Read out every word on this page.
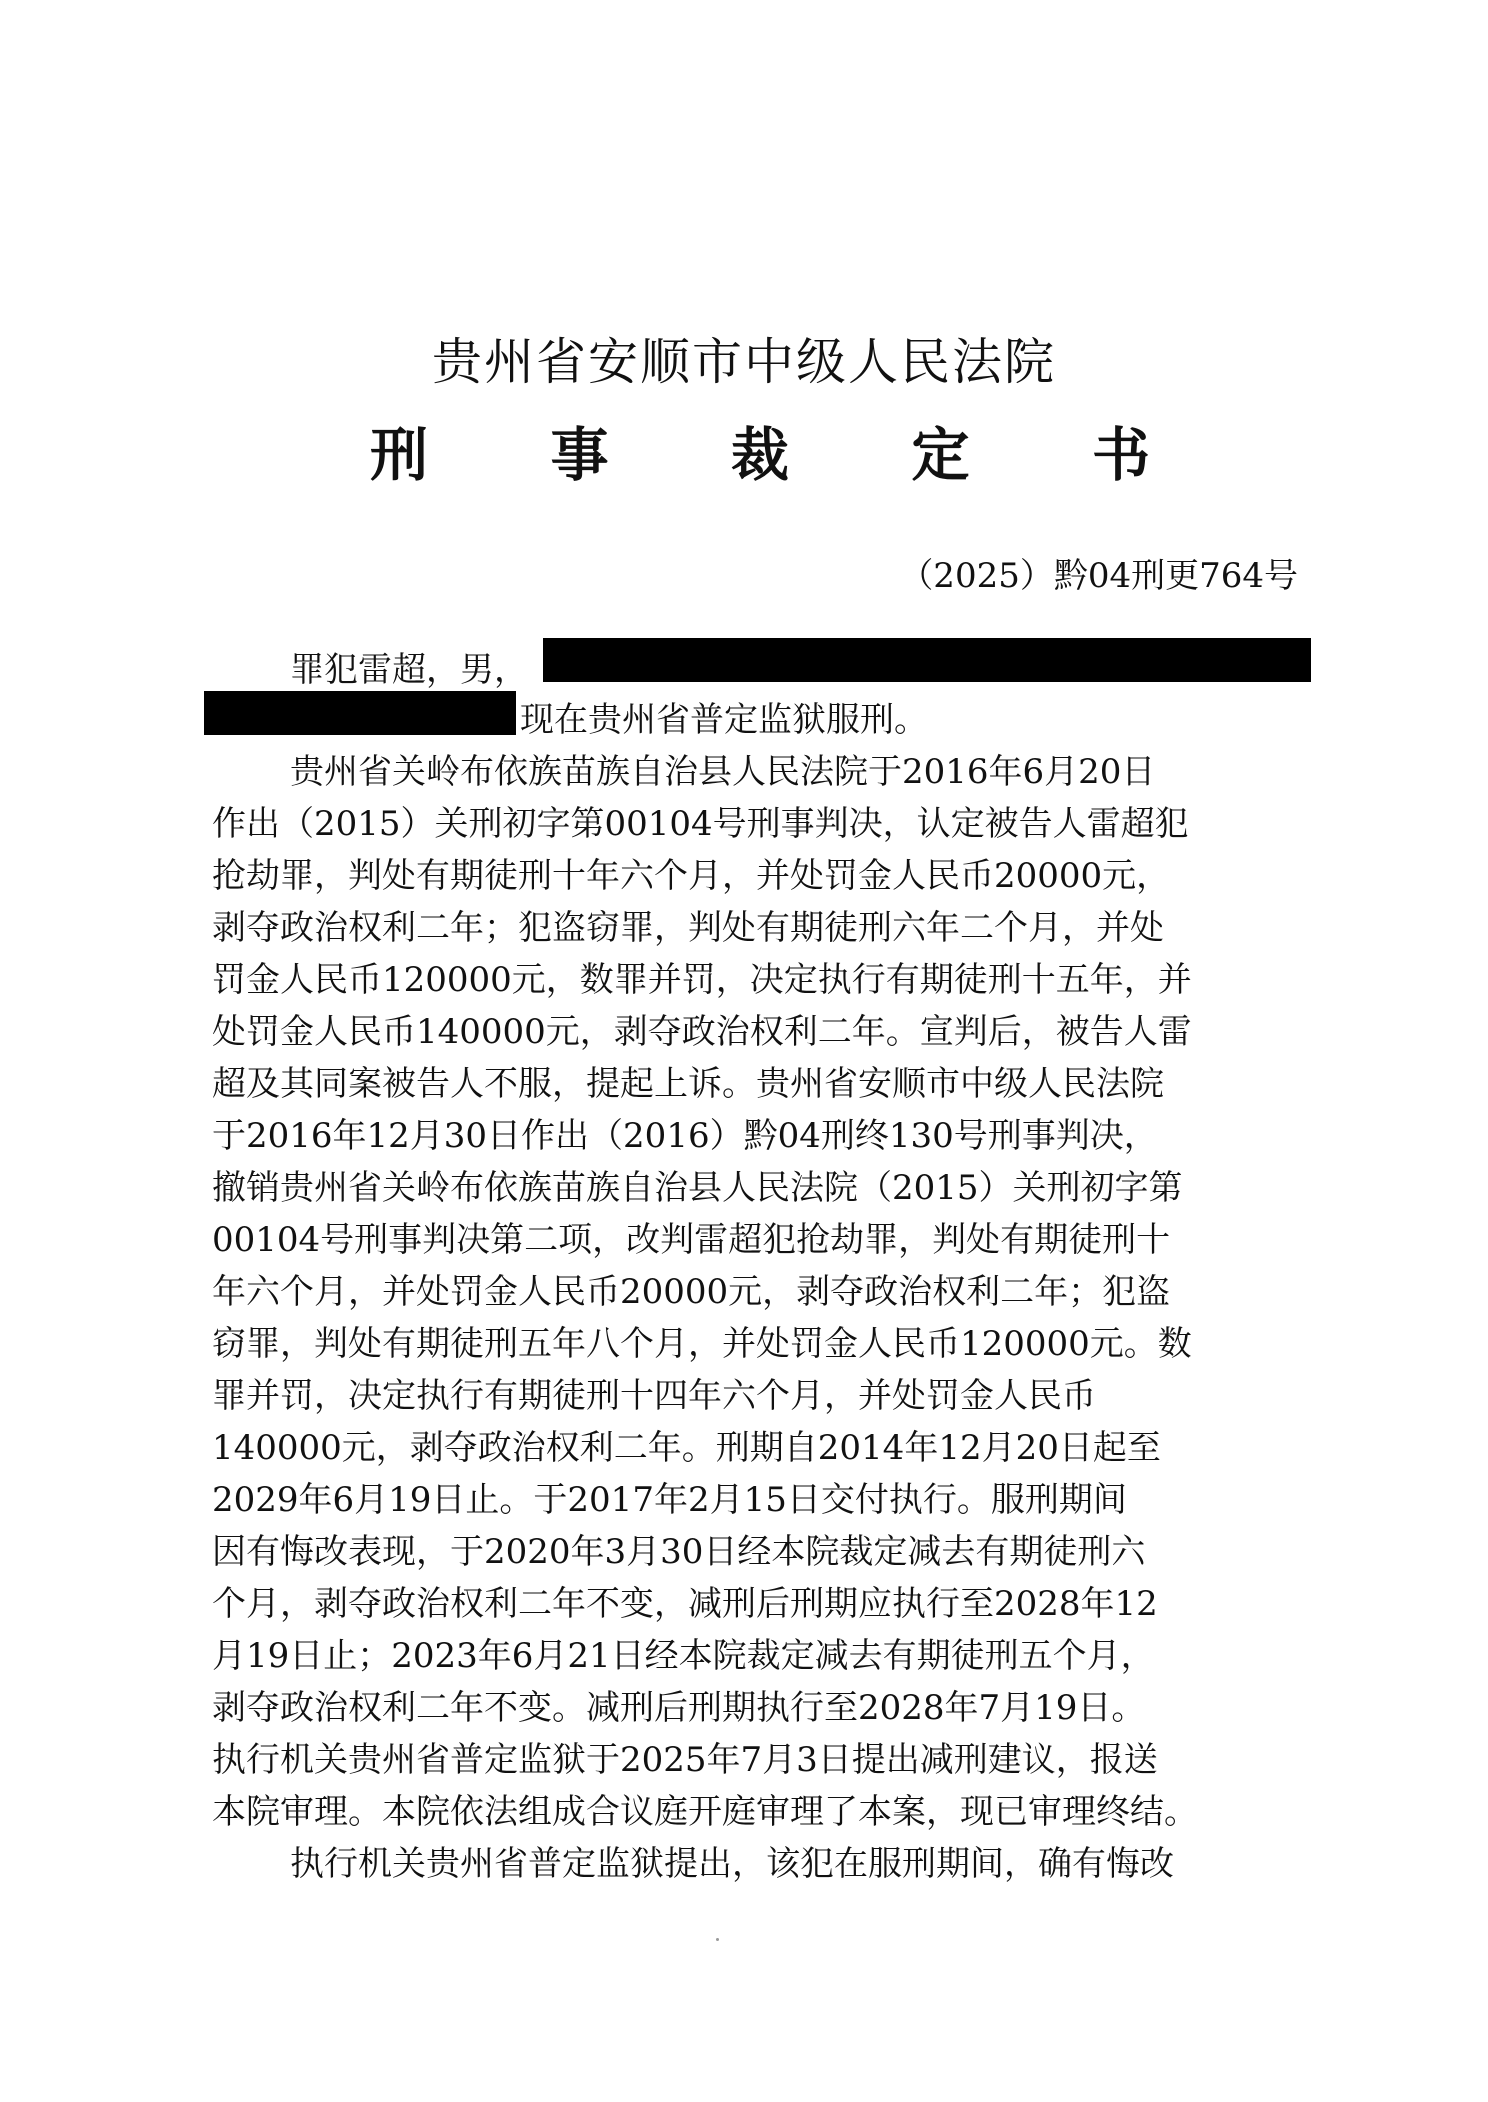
贵州省安顺市中级人民法院
刑 事 裁 定 书
（2025）黔04刑更764号
罪犯雷超，男，
现在贵州省普定监狱服刑。
贵州省关岭布依族苗族自治县人民法院于2016年6月20日
作出（2015）关刑初字第00104号刑事判决，认定被告人雷超犯
抢劫罪，判处有期徒刑十年六个月，并处罚金人民币20000元，
剥夺政治权利二年；犯盗窃罪，判处有期徒刑六年二个月，并处
罚金人民币120000元，数罪并罚，决定执行有期徒刑十五年，并
处罚金人民币140000元，剥夺政治权利二年。宣判后，被告人雷
超及其同案被告人不服，提起上诉。贵州省安顺市中级人民法院
于2016年12月30日作出（2016）黔04刑终130号刑事判决，
撤销贵州省关岭布依族苗族自治县人民法院（2015）关刑初字第
00104号刑事判决第二项，改判雷超犯抢劫罪，判处有期徒刑十
年六个月，并处罚金人民币20000元，剥夺政治权利二年；犯盗
窃罪，判处有期徒刑五年八个月，并处罚金人民币120000元。数
罪并罚，决定执行有期徒刑十四年六个月，并处罚金人民币
140000元，剥夺政治权利二年。刑期自2014年12月20日起至
2029年6月19日止。于2017年2月15日交付执行。服刑期间
因有悔改表现，于2020年3月30日经本院裁定减去有期徒刑六
个月，剥夺政治权利二年不变，减刑后刑期应执行至2028年12
月19日止；2023年6月21日经本院裁定减去有期徒刑五个月，
剥夺政治权利二年不变。减刑后刑期执行至2028年7月19日。
执行机关贵州省普定监狱于2025年7月3日提出减刑建议，报送
本院审理。本院依法组成合议庭开庭审理了本案，现已审理终结。
执行机关贵州省普定监狱提出，该犯在服刑期间，确有悔改
